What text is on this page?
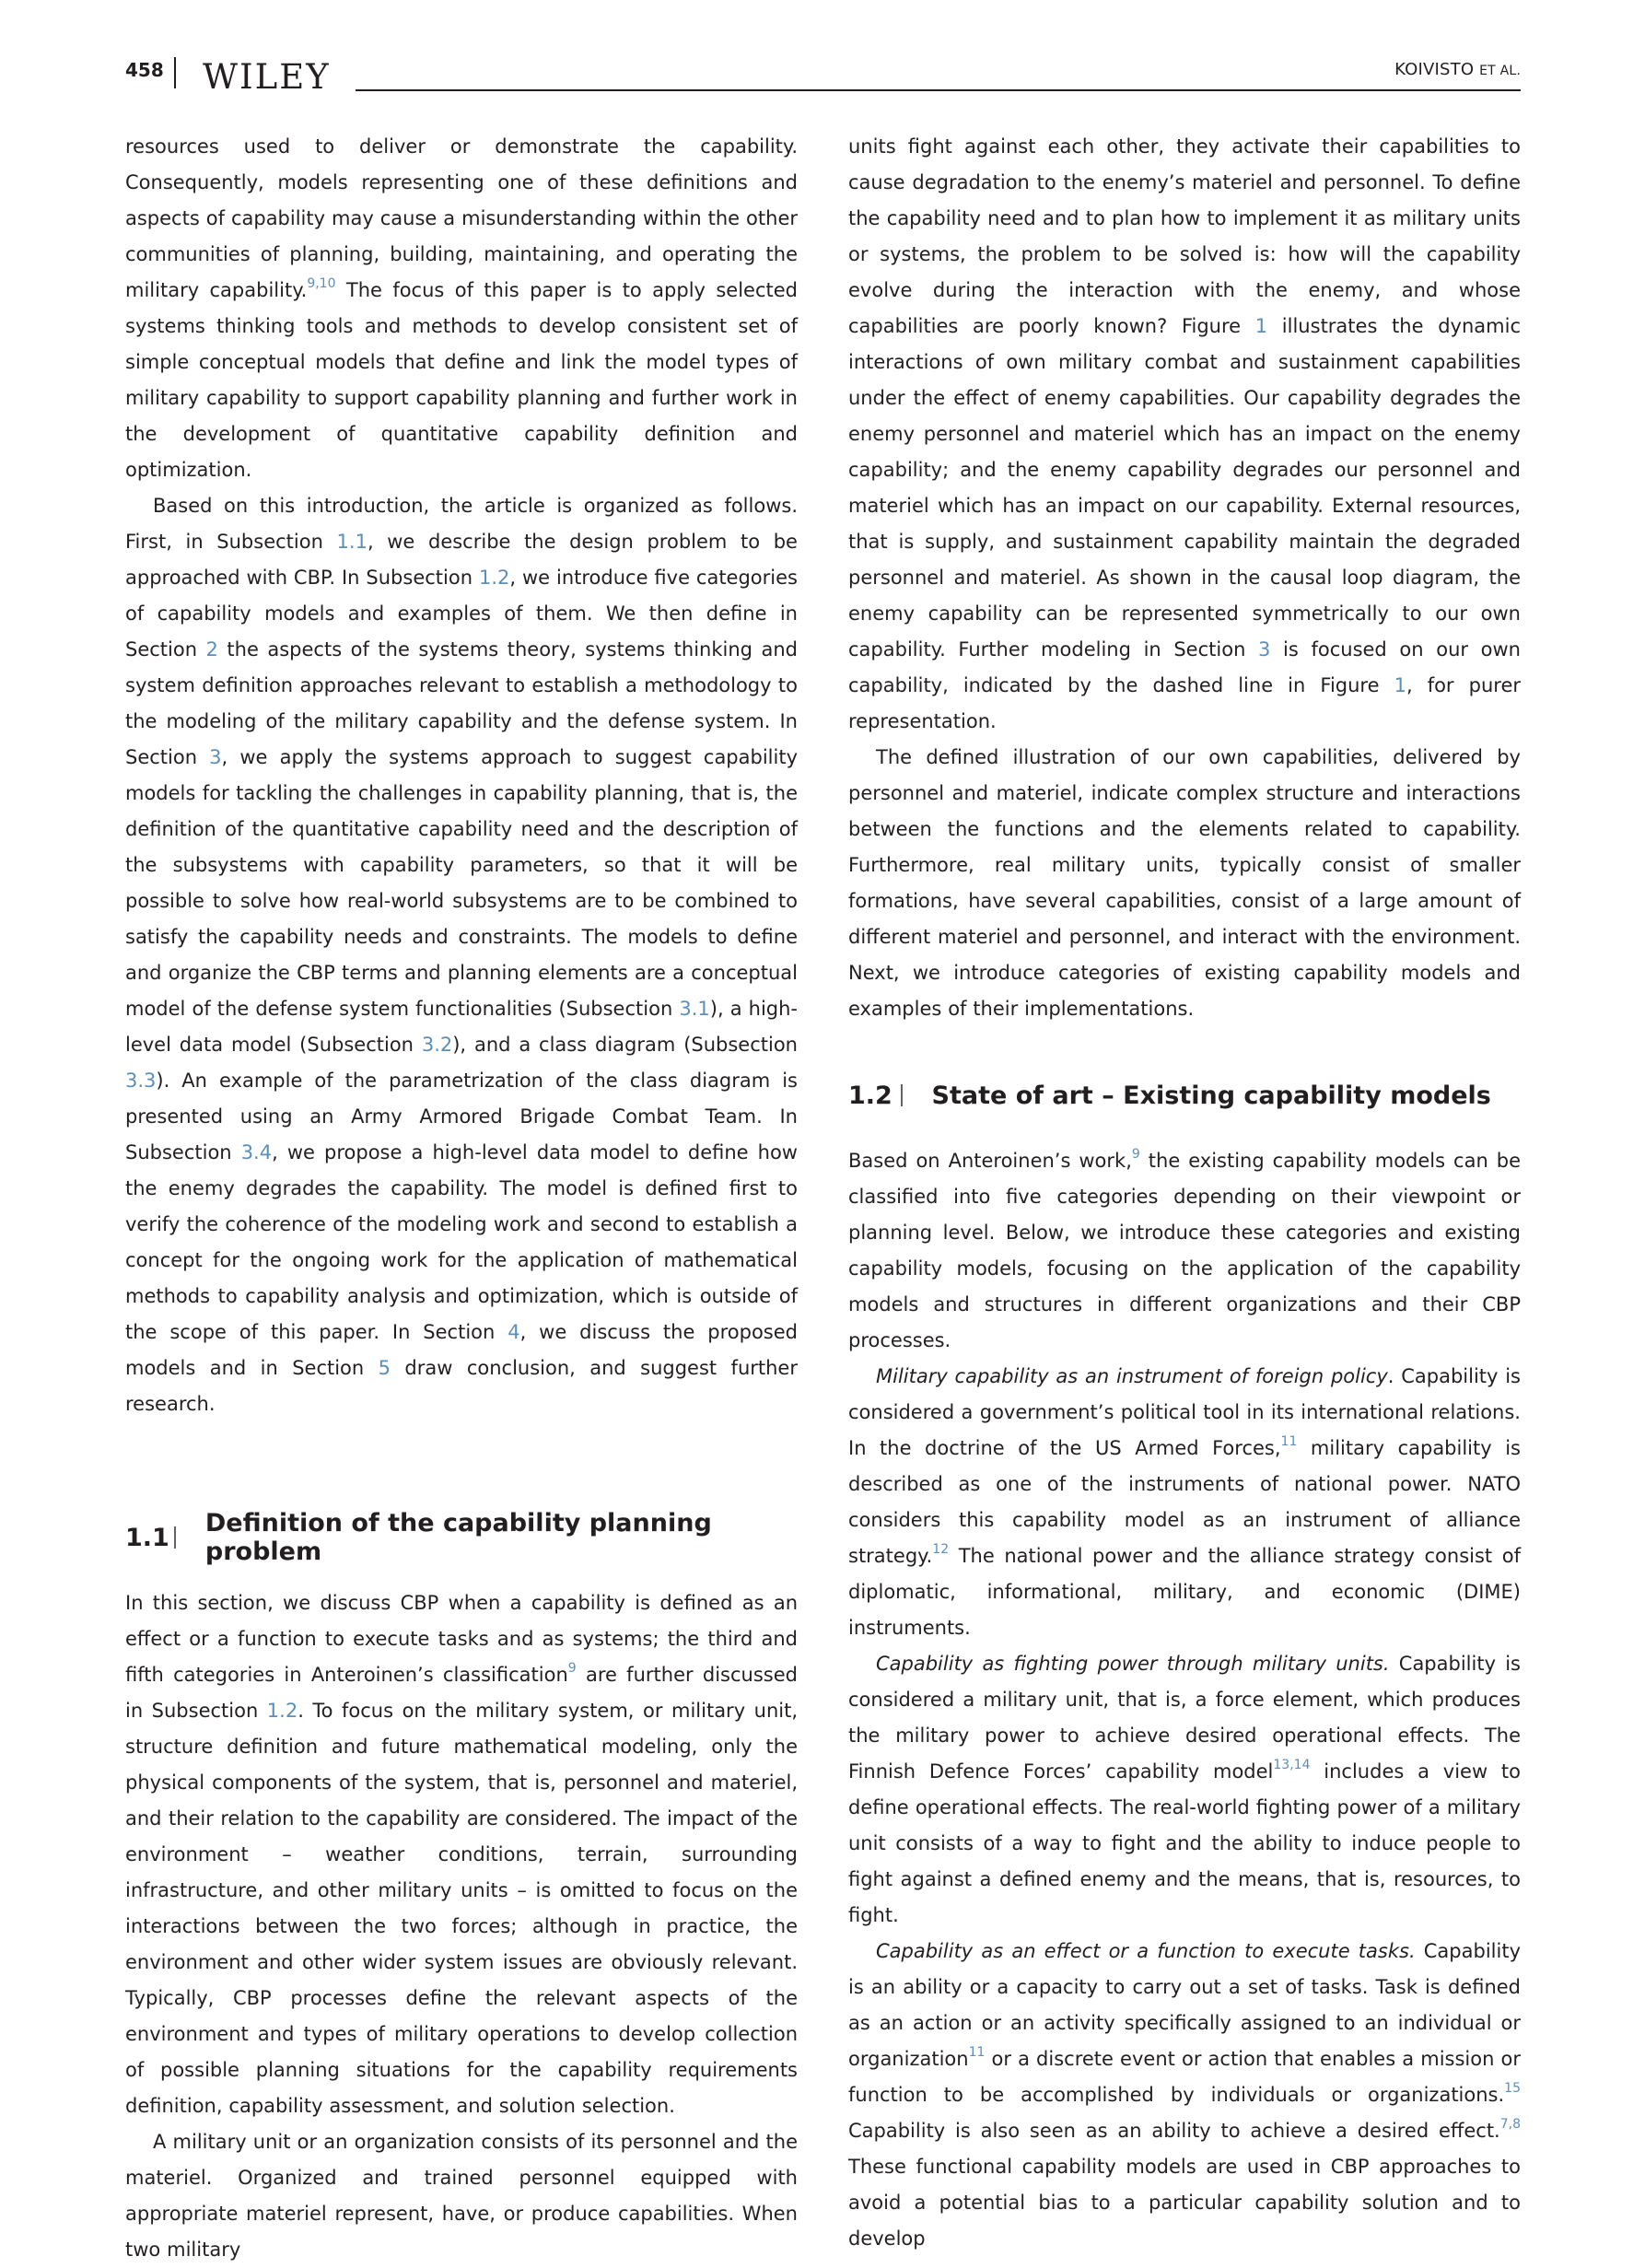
458 WILEY	KOIVISTO ET AL.

resources used to deliver or demonstrate the capability. Consequently, models representing one of these definitions and aspects of capability may cause a misunderstanding within the other communities of planning, building, maintaining, and operating the military capability.$^{9,10}$ The focus of this paper is to apply selected systems thinking tools and methods to develop consistent set of simple conceptual models that define and link the model types of military capability to support capability planning and further work in the development of quantitative capability definition and optimization.

Based on this introduction, the article is organized as follows. First, in Subsection 1.1, we describe the design problem to be approached with CBP. In Subsection 1.2, we introduce five categories of capability models and examples of them. We then define in Section 2 the aspects of the systems theory, systems thinking and system definition approaches relevant to establish a methodology to the modeling of the military capability and the defense system. In Section 3, we apply the systems approach to suggest capability models for tackling the challenges in capability planning, that is, the definition of the quantitative capability need and the description of the subsystems with capability parameters, so that it will be possible to solve how real-world subsystems are to be combined to satisfy the capability needs and constraints. The models to define and organize the CBP terms and planning elements are a conceptual model of the defense system functionalities (Subsection 3.1), a high-level data model (Subsection 3.2), and a class diagram (Subsection 3.3). An example of the parametrization of the class diagram is presented using an Army Armored Brigade Combat Team. In Subsection 3.4, we propose a high-level data model to define how the enemy degrades the capability. The model is defined first to verify the coherence of the modeling work and second to establish a concept for the ongoing work for the application of mathematical methods to capability analysis and optimization, which is outside of the scope of this paper. In Section 4, we discuss the proposed models and in Section 5 draw conclusion, and suggest further research.

1.1 Definition of the capability planning problem

In this section, we discuss CBP when a capability is defined as an effect or a function to execute tasks and as systems; the third and fifth categories in Anteroinen’s classification$^9$ are further discussed in Subsection 1.2. To focus on the military system, or military unit, structure definition and future mathematical modeling, only the physical components of the system, that is, personnel and materiel, and their relation to the capability are considered. The impact of the environment – weather conditions, terrain, surrounding infrastructure, and other military units – is omitted to focus on the interactions between the two forces; although in practice, the environment and other wider system issues are obviously relevant. Typically, CBP processes define the relevant aspects of the environment and types of military operations to develop collection of possible planning situations for the capability requirements definition, capability assessment, and solution selection.

A military unit or an organization consists of its personnel and the materiel. Organized and trained personnel equipped with appropriate materiel represent, have, or produce capabilities. When two military

units fight against each other, they activate their capabilities to cause degradation to the enemy’s materiel and personnel. To define the capability need and to plan how to implement it as military units or systems, the problem to be solved is: how will the capability evolve during the interaction with the enemy, and whose capabilities are poorly known? Figure 1 illustrates the dynamic interactions of own military combat and sustainment capabilities under the effect of enemy capabilities. Our capability degrades the enemy personnel and materiel which has an impact on the enemy capability; and the enemy capability degrades our personnel and materiel which has an impact on our capability. External resources, that is supply, and sustainment capability maintain the degraded personnel and materiel. As shown in the causal loop diagram, the enemy capability can be represented symmetrically to our own capability. Further modeling in Section 3 is focused on our own capability, indicated by the dashed line in Figure 1, for purer representation.

The defined illustration of our own capabilities, delivered by personnel and materiel, indicate complex structure and interactions between the functions and the elements related to capability. Furthermore, real military units, typically consist of smaller formations, have several capabilities, consist of a large amount of different materiel and personnel, and interact with the environment. Next, we introduce categories of existing capability models and examples of their implementations.

1.2	State of art – Existing capability models

Based on Anteroinen’s work,$^9$ the existing capability models can be classified into five categories depending on their viewpoint or planning level. Below, we introduce these categories and existing capability models, focusing on the application of the capability models and structures in different organizations and their CBP processes.

Military capability as an instrument of foreign policy. Capability is considered a government’s political tool in its international relations. In the doctrine of the US Armed Forces,$^{11}$ military capability is described as one of the instruments of national power. NATO considers this capability model as an instrument of alliance strategy.$^{12}$ The national power and the alliance strategy consist of diplomatic, informational, military, and economic (DIME) instruments.

Capability as fighting power through military units. Capability is considered a military unit, that is, a force element, which produces the military power to achieve desired operational effects. The Finnish Defence Forces’ capability model$^{13,14}$ includes a view to define operational effects. The real-world fighting power of a military unit consists of a way to fight and the ability to induce people to fight against a defined enemy and the means, that is, resources, to fight.

Capability as an effect or a function to execute tasks. Capability is an ability or a capacity to carry out a set of tasks. Task is defined as an action or an activity specifically assigned to an individual or organization$^{11}$ or a discrete event or action that enables a mission or function to be accomplished by individuals or organizations.$^{15}$ Capability is also seen as an ability to achieve a desired effect.$^{7,8}$ These functional capability models are used in CBP approaches to avoid a potential bias to a particular capability solution and to develop
